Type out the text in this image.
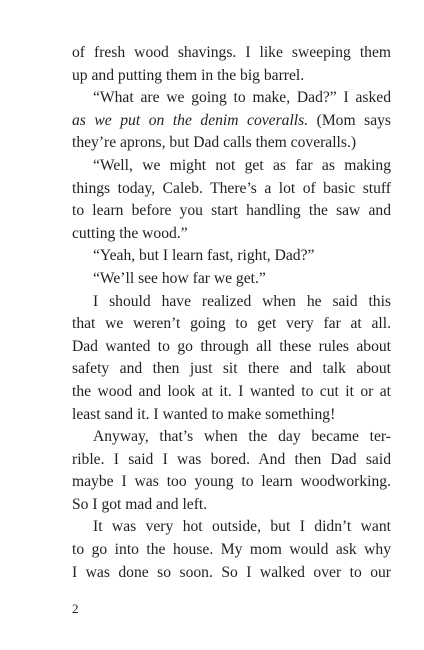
of fresh wood shavings. I like sweeping them
up and putting them in the big barrel.
“What are we going to make, Dad?” I asked
as we put on the denim coveralls. (Mom says
they’re aprons, but Dad calls them coveralls.)
“Well, we might not get as far as making
things today, Caleb. There’s a lot of basic stuff
to learn before you start handling the saw and
cutting the wood.”
“Yeah, but I learn fast, right, Dad?”
“We’ll see how far we get.”
I should have realized when he said this
that we weren’t going to get very far at all.
Dad wanted to go through all these rules about
safety and then just sit there and talk about
the wood and look at it. I wanted to cut it or at
least sand it. I wanted to make something!
Anyway, that’s when the day became ter-
rible. I said I was bored. And then Dad said
maybe I was too young to learn woodworking.
So I got mad and left.
It was very hot outside, but I didn’t want
to go into the house. My mom would ask why
I was done so soon. So I walked over to our
2
